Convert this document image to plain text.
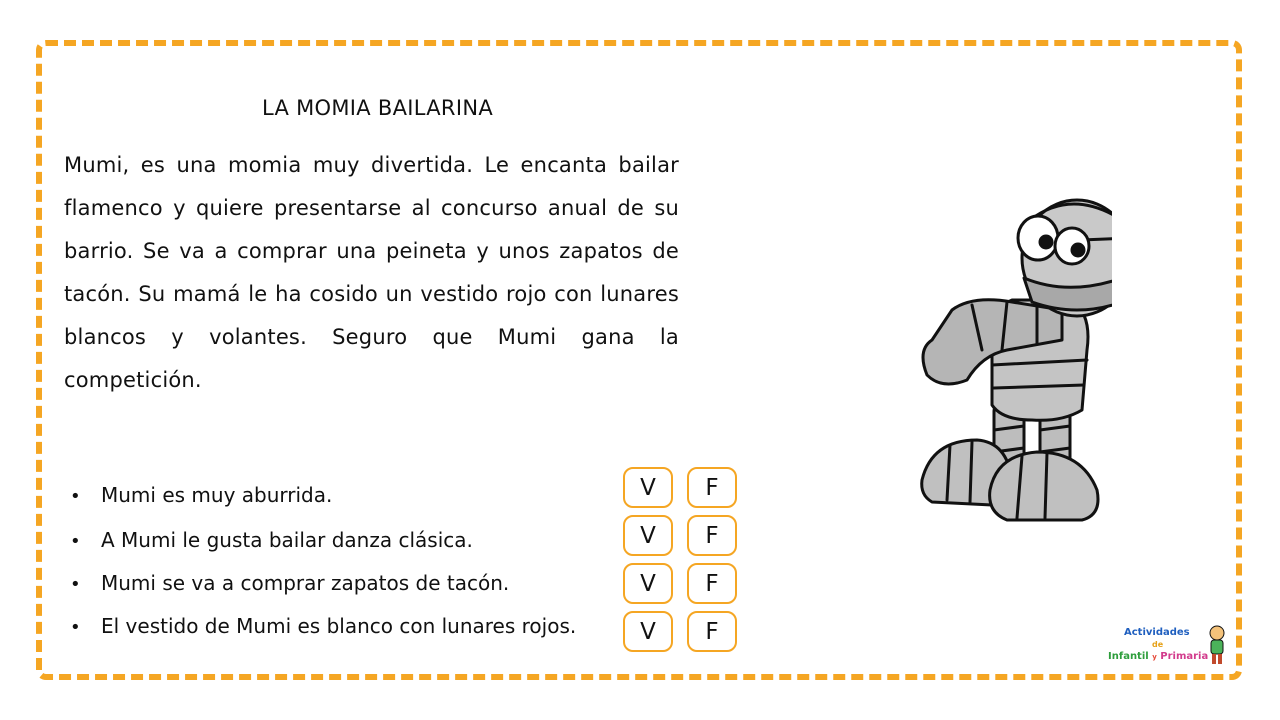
LA MOMIA BAILARINA

Mumi, es una momia muy divertida. Le encanta bailar flamenco y quiere presentarse al concurso anual de su barrio. Se va a comprar una peineta y unos zapatos de tacón. Su mamá le ha cosido un vestido rojo con lunares blancos y volantes. Seguro que Mumi gana la competición.

• Mumi es muy aburrida.
• A Mumi le gusta bailar danza clásica.
• Mumi se va a comprar zapatos de tacón.
• El vestido de Mumi es blanco con lunares rojos.
V	F
V	F
V	F
V	F	Actividades
de
Infantil y Primaria
